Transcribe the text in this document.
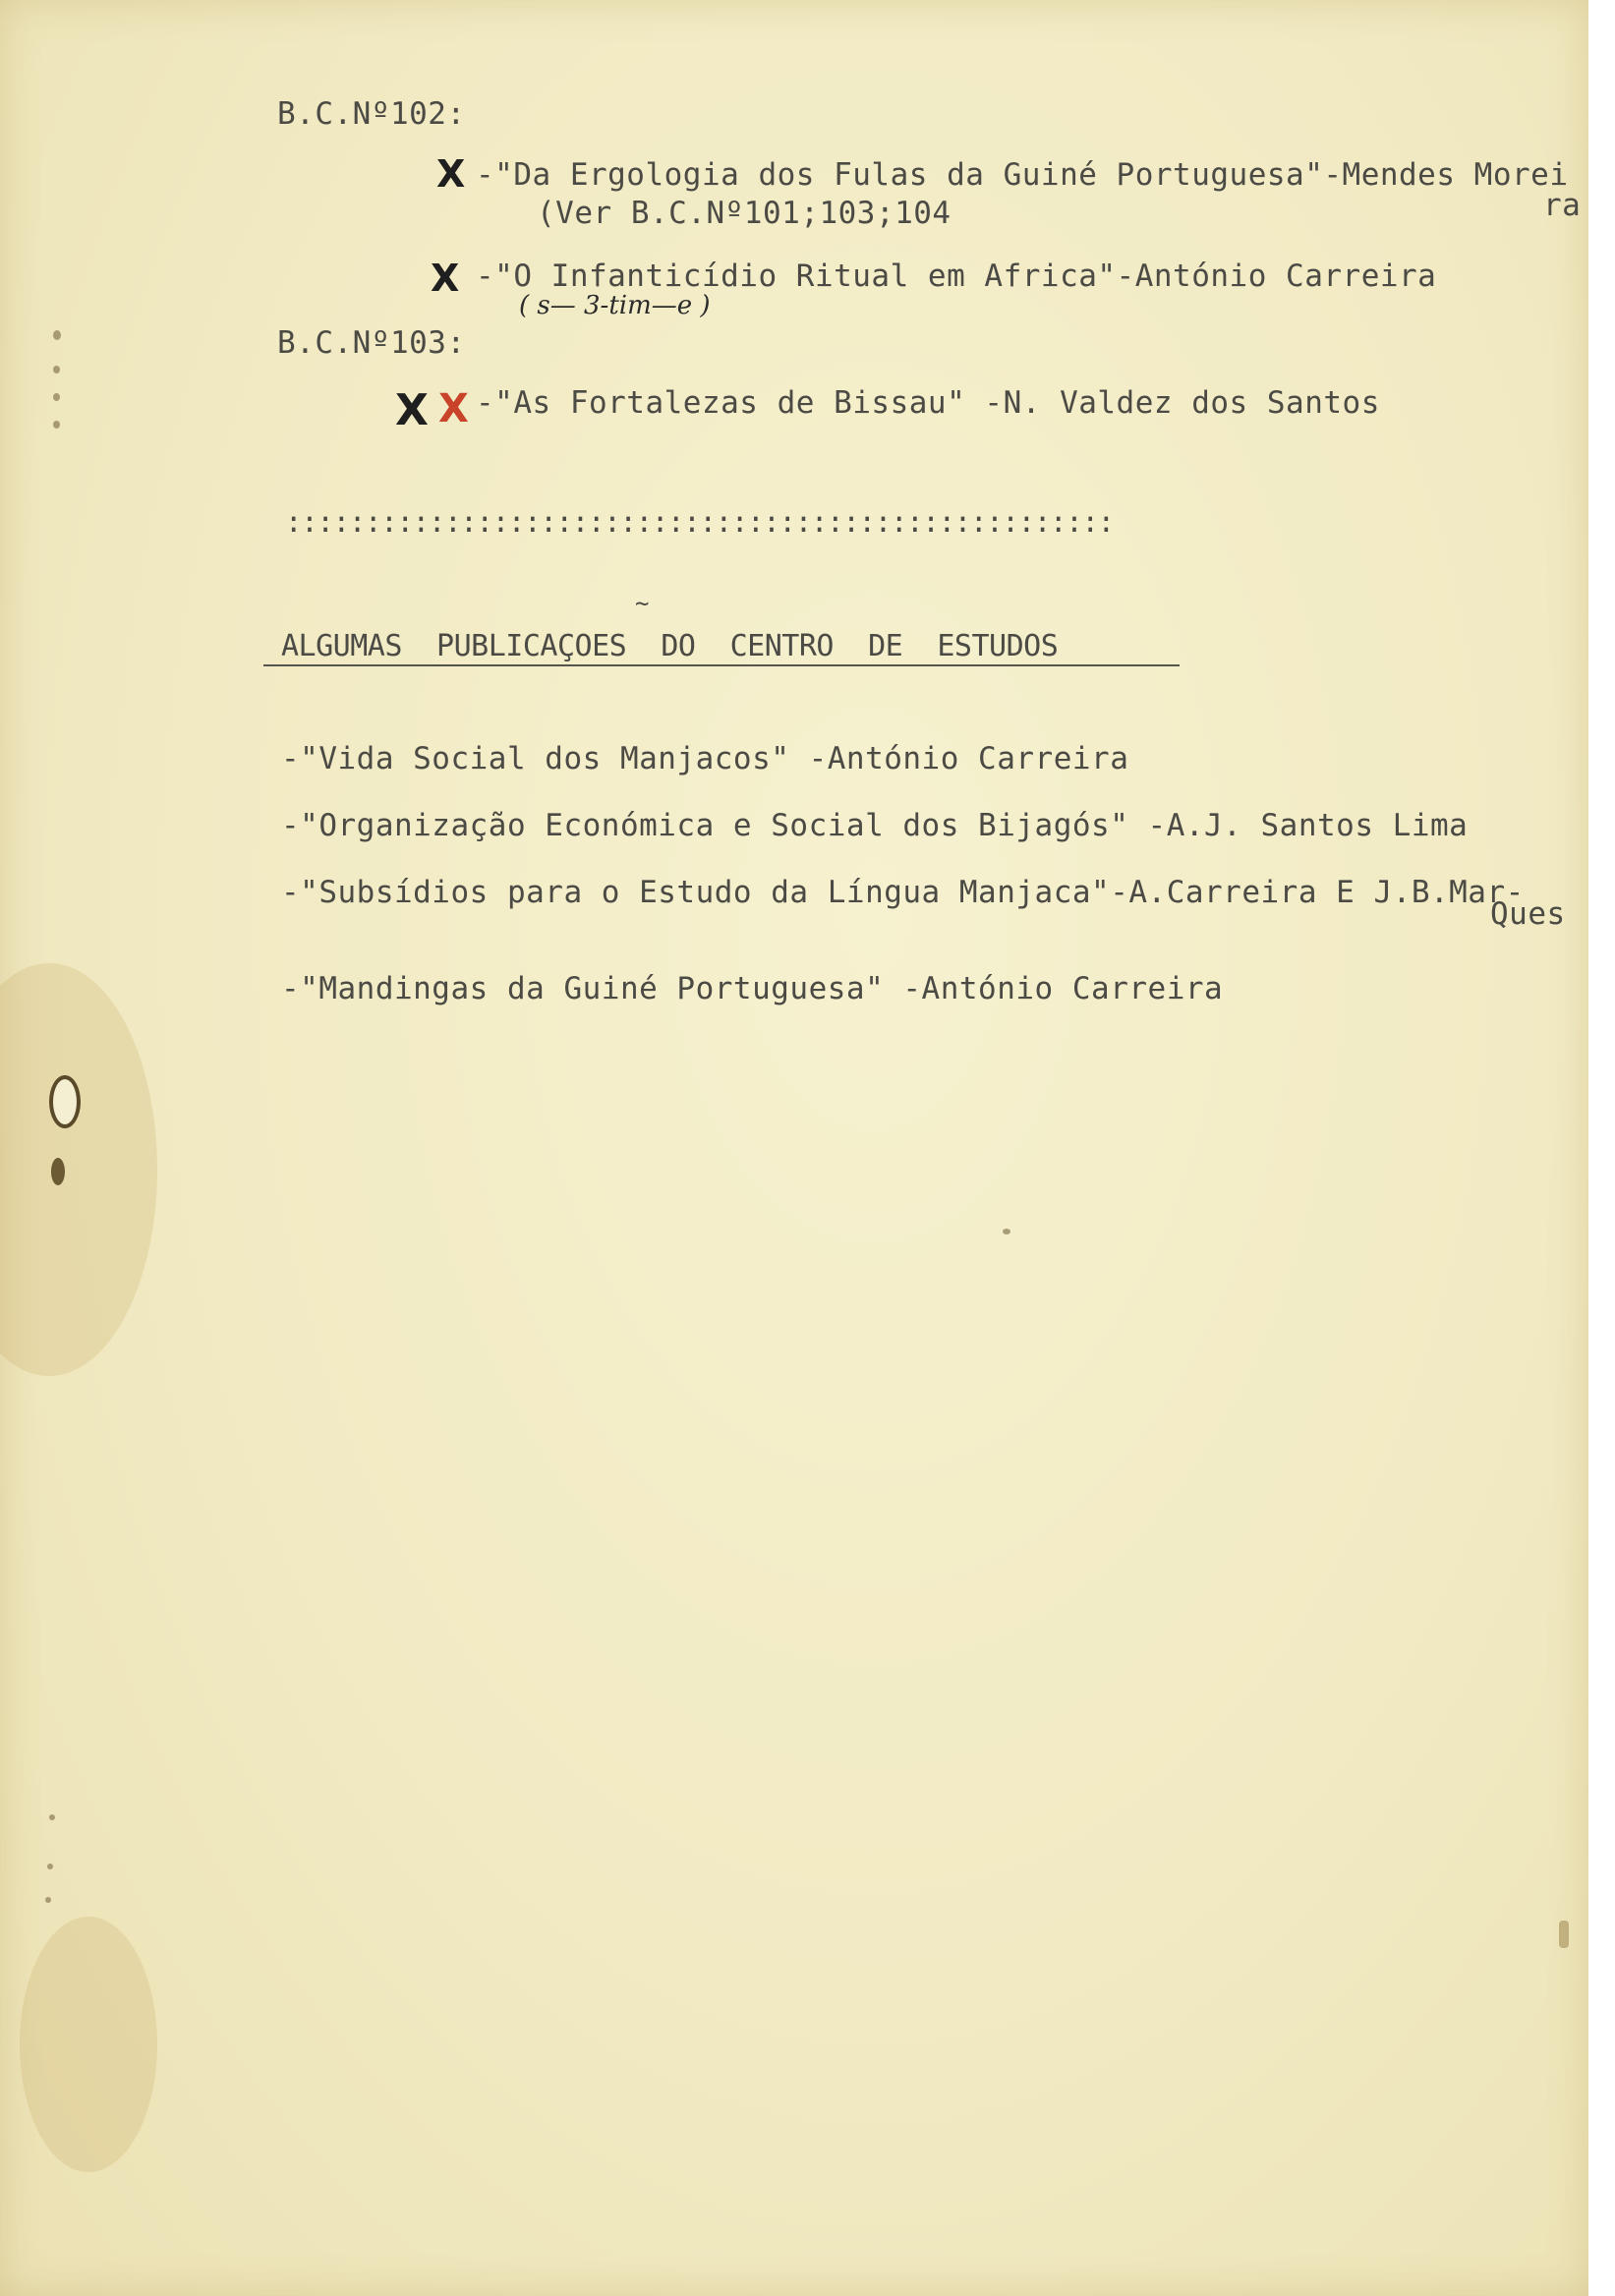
B.C.Nº102:
X -"Da Ergologia dos Fulas da Guiné Portuguesa"-Mendes Morei
(Ver B.C.Nº101;103;104	ra
X -"O Infanticídio Ritual em Africa"-António Carreira
( s— 3-tim—e )
B.C.Nº103:
X X -"As Fortalezas de Bissau" -N. Valdez dos Santos
::::::::::::::::::::::::::::::::::::::::::::::::::::
~
ALGUMAS  PUBLICAÇOES  DO  CENTRO  DE  ESTUDOS
-"Vida Social dos Manjacos" -António Carreira
-"Organização Económica e Social dos Bijagós" -A.J. Santos Lima
-"Subsídios para o Estudo da Língua Manjaca"-A.Carreira E J.B.Mar-
Ques
-"Mandingas da Guiné Portuguesa" -António Carreira
